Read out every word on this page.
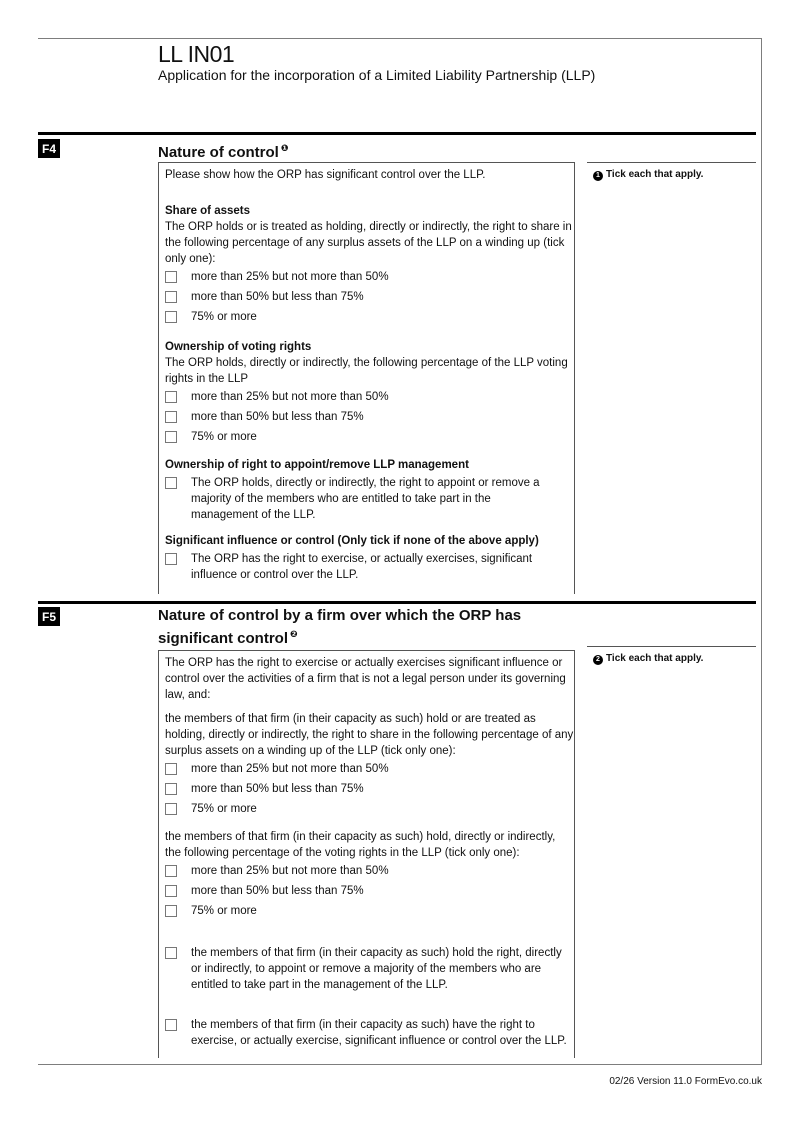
LL IN01
Application for the incorporation of a Limited Liability Partnership (LLP)
F4	Nature of control $^❶$

Please show how the ORP has significant control over the LLP.

Share of assets

The ORP holds or is treated as holding, directly or indirectly, the right to share in the following percentage of any surplus assets of the LLP on a winding up (tick only one):

more than 25% but not more than 50%
more than 50% but less than 75%
75% or more

Ownership of voting rights

The ORP holds, directly or indirectly, the following percentage of the LLP voting rights in the LLP

more than 25% but not more than 50%
more than 50% but less than 75%
75% or more

Ownership of right to appoint/remove LLP management

The ORP holds, directly or indirectly, the right to appoint or remove a majority of the members who are entitled to take part in the management of the LLP.

Significant influence or control (Only tick if none of the above apply)

The ORP has the right to exercise, or actually exercises, significant influence or control over the LLP.
1 Tick each that apply.
F5	Nature of control by a firm over which the ORP has
significant control $^❷$

The ORP has the right to exercise or actually exercises significant influence or control over the activities of a firm that is not a legal person under its governing law, and:

the members of that firm (in their capacity as such) hold or are treated as holding, directly or indirectly, the right to share in the following percentage of any surplus assets on a winding up of the LLP (tick only one):

more than 25% but not more than 50%
more than 50% but less than 75%
75% or more

the members of that firm (in their capacity as such) hold, directly or indirectly, the following percentage of the voting rights in the LLP (tick only one):

more than 25% but not more than 50%
more than 50% but less than 75%
75% or more
the members of that firm (in their capacity as such) hold the right, directly or indirectly, to appoint or remove a majority of the members who are entitled to take part in the management of the LLP.
the members of that firm (in their capacity as such) have the right to exercise, or actually exercise, significant influence or control over the LLP.
2 Tick each that apply.
02/26 Version 11.0 FormEvo.co.uk
